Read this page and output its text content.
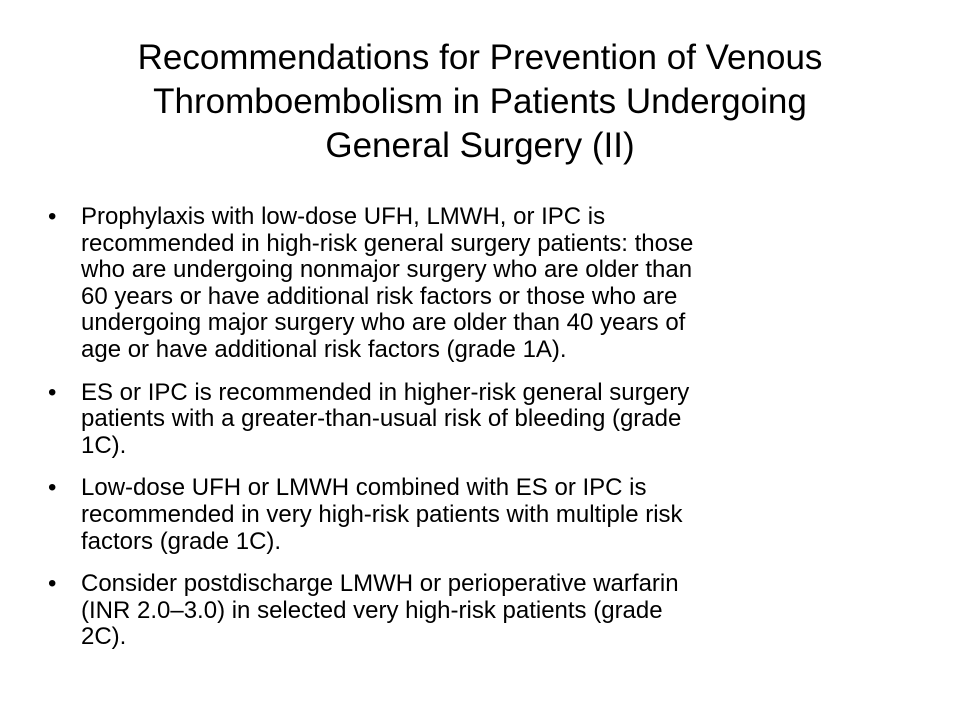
Recommendations for Prevention of Venous
Thromboembolism in Patients Undergoing
General Surgery (II)
• Prophylaxis with low-dose UFH, LMWH, or IPC is
recommended in high-risk general surgery patients: those
who are undergoing nonmajor surgery who are older than
60 years or have additional risk factors or those who are
undergoing major surgery who are older than 40 years of
age or have additional risk factors (grade 1A).
• ES or IPC is recommended in higher-risk general surgery
patients with a greater-than-usual risk of bleeding (grade
1C).
• Low-dose UFH or LMWH combined with ES or IPC is
recommended in very high-risk patients with multiple risk
factors (grade 1C).
• Consider postdischarge LMWH or perioperative warfarin
(INR 2.0–3.0) in selected very high-risk patients (grade
2C).
